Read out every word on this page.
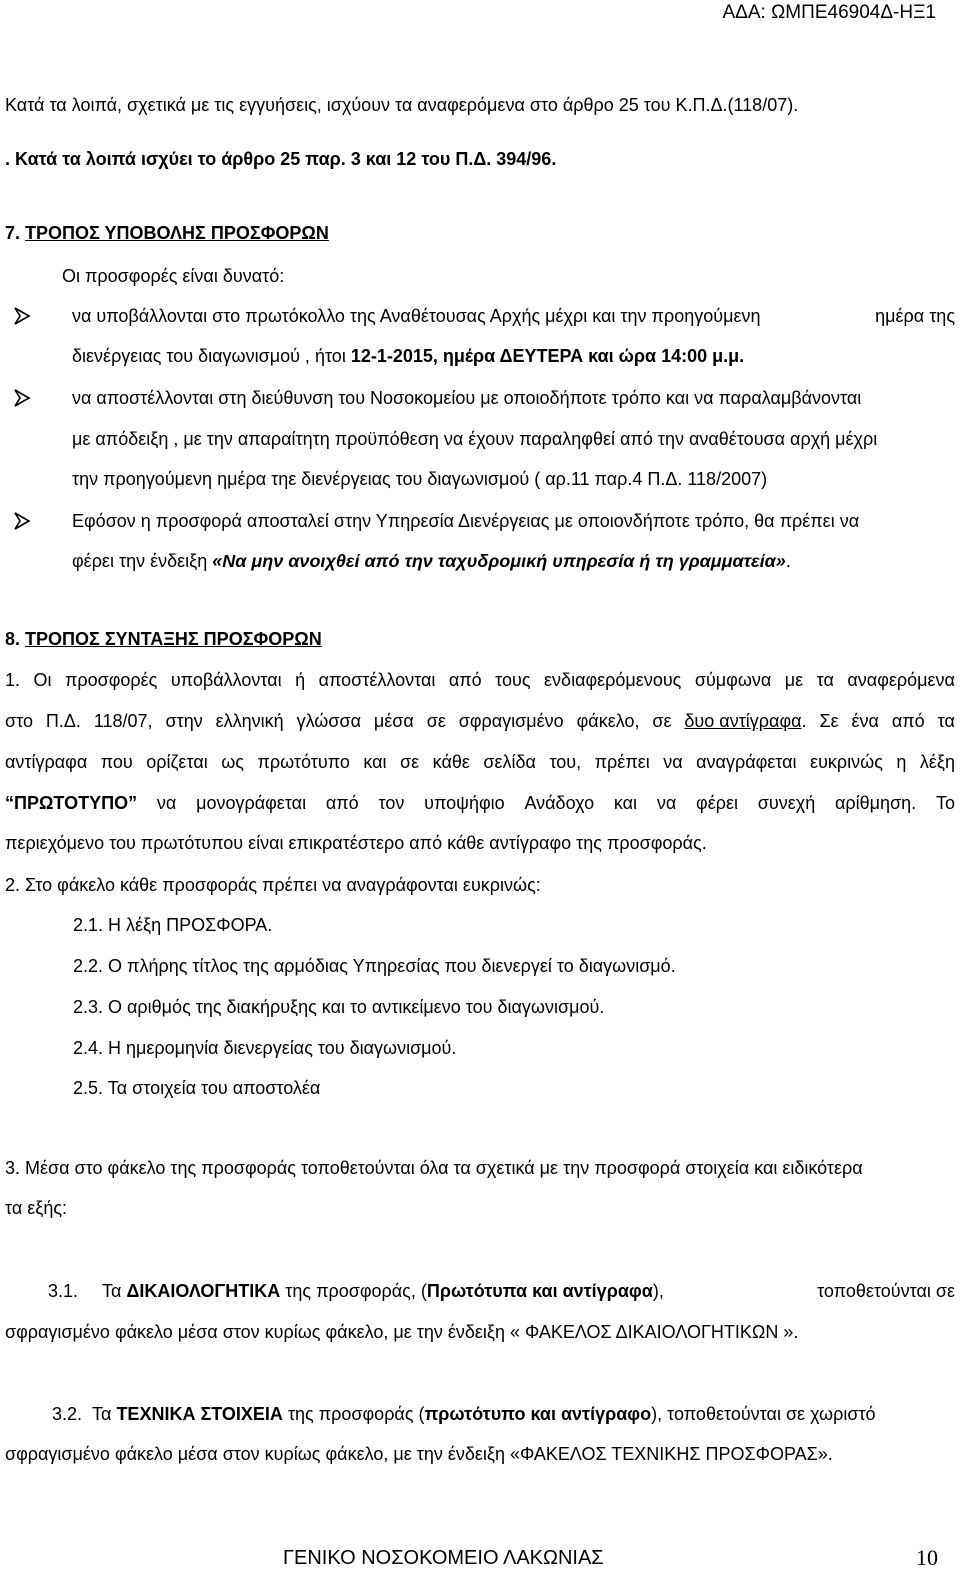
ΑΔΑ: ΩΜΠΕ46904Δ-ΗΞ1
Κατά τα λοιπά, σχετικά με τις εγγυήσεις, ισχύουν τα αναφερόμενα στο άρθρο 25 του Κ.Π.Δ.(118/07).
. Κατά τα λοιπά ισχύει το άρθρο 25 παρ. 3 και 12 του Π.Δ. 394/96.
7. ΤΡΟΠΟΣ ΥΠΟΒΟΛΗΣ ΠΡΟΣΦΟΡΩΝ
Οι προσφορές είναι δυνατό:
να υποβάλλονται στο πρωτόκολλο της Αναθέτουσας Αρχής μέχρι και την προηγούμενη	ημέρα της
διενέργειας του διαγωνισμού , ήτοι 12-1-2015, ημέρα ΔΕΥΤΕΡΑ και ώρα 14:00 μ.μ.
να αποστέλλονται στη διεύθυνση του Νοσοκομείου με οποιοδήποτε τρόπο και να παραλαμβάνονται
με απόδειξη , με την απαραίτητη προϋπόθεση να έχουν παραληφθεί από την αναθέτουσα αρχή μέχρι
την προηγούμενη ημέρα τηε διενέργειας του διαγωνισμού ( αρ.11 παρ.4 Π.Δ. 118/2007)
Εφόσον η προσφορά αποσταλεί στην Υπηρεσία Διενέργειας με οποιονδήποτε τρόπο, θα πρέπει να
φέρει την ένδειξη «Να μην ανοιχθεί από την ταχυδρομική υπηρεσία ή τη γραμματεία».
8. ΤΡΟΠΟΣ ΣΥΝΤΑΞΗΣ ΠΡΟΣΦΟΡΩΝ
1. Οι προσφορές υποβάλλονται ή αποστέλλονται από τους ενδιαφερόμενους σύμφωνα με τα αναφερόμενα
στο Π.Δ. 118/07, στην ελληνική γλώσσα μέσα σε σφραγισμένο φάκελο, σε δυο αντίγραφα. Σε ένα από τα
αντίγραφα που ορίζεται ως πρωτότυπο και σε κάθε σελίδα του, πρέπει να αναγράφεται ευκρινώς η λέξη
“ΠΡΩΤΟΤΥΠΟ” να μονογράφεται από τον υποψήφιο Ανάδοχο και να φέρει συνεχή αρίθμηση. Το
περιεχόμενο του πρωτότυπου είναι επικρατέστερο από κάθε αντίγραφο της προσφοράς.
2. Στο φάκελο κάθε προσφοράς πρέπει να αναγράφονται ευκρινώς:
2.1. Η λέξη ΠΡΟΣΦΟΡΑ.
2.2. Ο πλήρης τίτλος της αρμόδιας Υπηρεσίας που διενεργεί το διαγωνισμό.
2.3. Ο αριθμός της διακήρυξης και το αντικείμενο του διαγωνισμού.
2.4. Η ημερομηνία διενεργείας του διαγωνισμού.
2.5. Τα στοιχεία του αποστολέα
3. Μέσα στο φάκελο της προσφοράς τοποθετούνται όλα τα σχετικά με την προσφορά στοιχεία και ειδικότερα
τα εξής:
3.1. Τα ΔΙΚΑΙΟΛΟΓΗΤΙΚΑ της προσφοράς, (Πρωτότυπα και αντίγραφα),	τοποθετούνται σε
σφραγισμένο φάκελο μέσα στον κυρίως φάκελο, με την ένδειξη « ΦΑΚΕΛΟΣ ΔΙΚΑΙΟΛΟΓΗΤΙΚΩΝ ».
3.2. Τα ΤΕΧΝΙΚΑ ΣΤΟΙΧΕΙΑ της προσφοράς (πρωτότυπο και αντίγραφο), τοποθετούνται σε χωριστό
σφραγισμένο φάκελο μέσα στον κυρίως φάκελο, με την ένδειξη «ΦΑΚΕΛΟΣ ΤΕΧΝΙΚΗΣ ΠΡΟΣΦΟΡΑΣ».
ΓΕΝΙΚΟ ΝΟΣΟΚΟΜΕΙΟ ΛΑΚΩΝΙΑΣ	10
